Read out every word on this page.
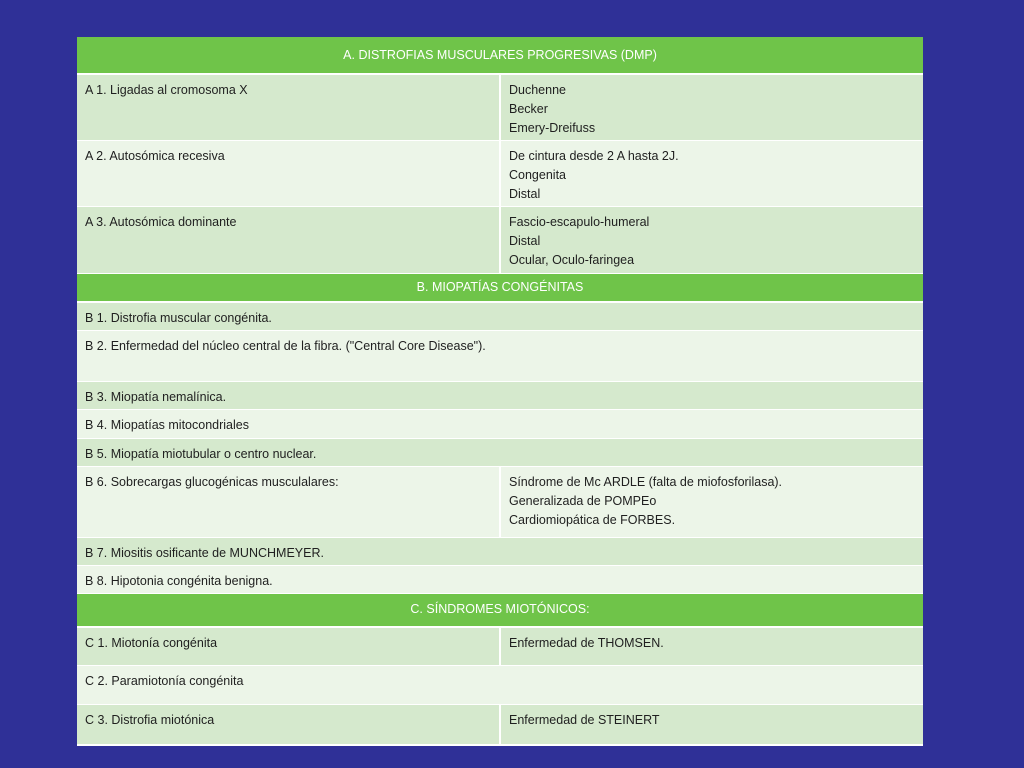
A. DISTROFIAS MUSCULARES PROGRESIVAS (DMP)	
A 1. Ligadas al cromosoma X	Duchenne
Becker
Emery-Dreifuss

A 2. Autosómica recesiva	De cintura desde 2 A hasta 2J.
Congenita
Distal

A 3. Autosómica dominante	Fascio-escapulo-humeral
Distal
Ocular, Oculo-faringea

B. MIOPATÍAS CONGÉNITAS	
B 1. Distrofia muscular congénita.	
B 2. Enfermedad del núcleo central de la fibra. ("Central Core Disease").	
B 3. Miopatía nemalínica.	
B 4. Miopatías mitocondriales	
B 5. Miopatía miotubular o centro nuclear.	
B 6. Sobrecargas glucogénicas musculalares:	Síndrome de Mc ARDLE (falta de miofosforilasa).
Generalizada de POMPEo
Cardiomiopática de FORBES.

B 7. Miositis osificante de MUNCHMEYER.	
B 8. Hipotonia congénita benigna.	
C. SÍNDROMES MIOTÓNICOS:	
C 1. Miotonía congénita	Enfermedad de THOMSEN.

C 2. Paramiotonía congénita	
C 3. Distrofia miotónica	Enfermedad de STEINERT
